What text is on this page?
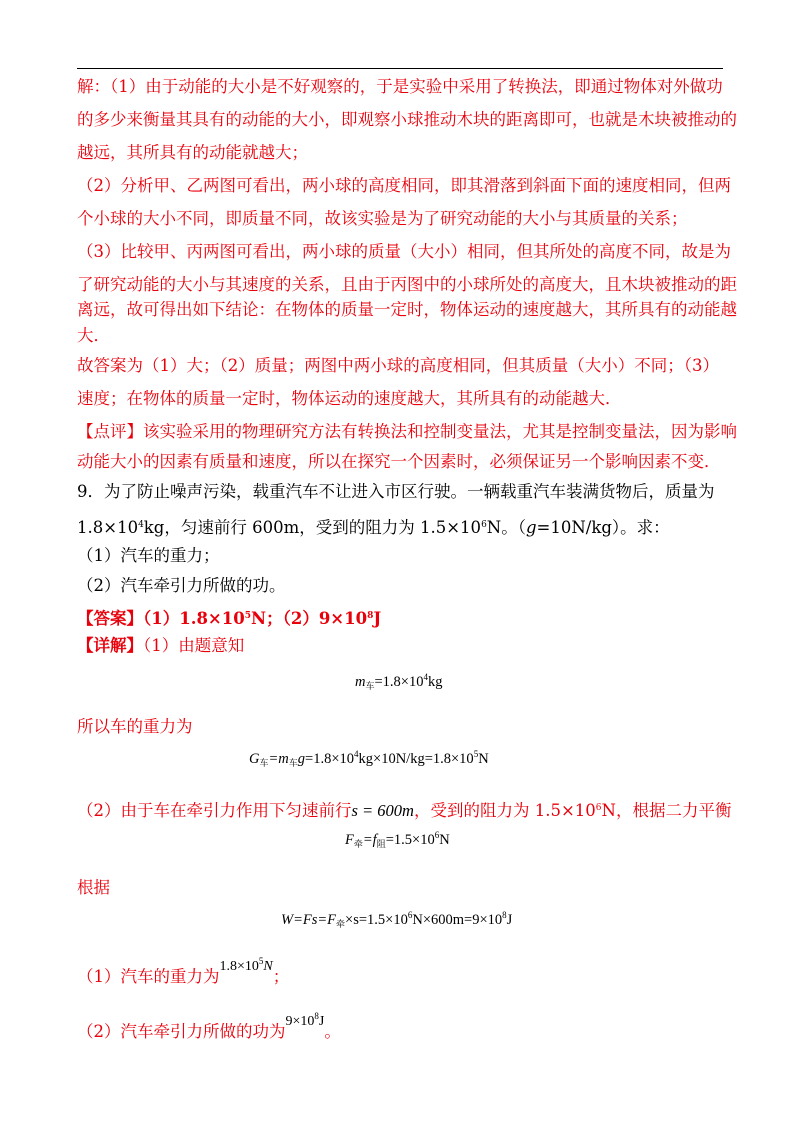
解：（1）由于动能的大小是不好观察的，于是实验中采用了转换法，即通过物体对外做功
的多少来衡量其具有的动能的大小，即观察小球推动木块的距离即可，也就是木块被推动的
越远，其所具有的动能就越大；
（2）分析甲、乙两图可看出，两小球的高度相同，即其滑落到斜面下面的速度相同，但两
个小球的大小不同，即质量不同，故该实验是为了研究动能的大小与其质量的关系；
（3）比较甲、丙两图可看出，两小球的质量（大小）相同，但其所处的高度不同，故是为
了研究动能的大小与其速度的关系，且由于丙图中的小球所处的高度大，且木块被推动的距
离远，故可得出如下结论：在物体的质量一定时，物体运动的速度越大，其所具有的动能越
大．
故答案为（1）大；（2）质量；两图中两小球的高度相同，但其质量（大小）不同；（3）
速度；在物体的质量一定时，物体运动的速度越大，其所具有的动能越大．
【点评】该实验采用的物理研究方法有转换法和控制变量法，尤其是控制变量法，因为影响
动能大小的因素有质量和速度，所以在探究一个因素时，必须保证另一个影响因素不变．
9．为了防止噪声污染，载重汽车不让进入市区行驶。一辆载重汽车装满货物后，质量为
$1.8\times 10^4kg$，匀速前行 600m，受到的阻力为 $1.5\times 10^6N$。（g=10N/kg）。求：
（1）汽车的重力；
（2）汽车牵引力所做的功。
【答案】$(1)1.8\times 10^5N$；$(2)9\times 10^8J$
【详解】（1）由题意知
$m_车=1.8\times 10^4kg$
所以车的重力为
$G_车=m_车g=1.8\times 10^4kg\times 10N/kg=1.8\times 10^5N$
（2）由于车在牵引力作用下匀速前行s = 600m，受到的阻力为 $1.5\times 10^6N$，根据二力平衡
$F_牵=f_阻=1.5\times 10^6N$
根据
$W=Fs=F_牵\times s=1.5\times 10^6N\times 600m=9\times 10^8J$
（1）汽车的重力为$^{1.8\times 10^5N}$；
（2）汽车牵引力所做的功为$^{9\times 10^8J}$。
